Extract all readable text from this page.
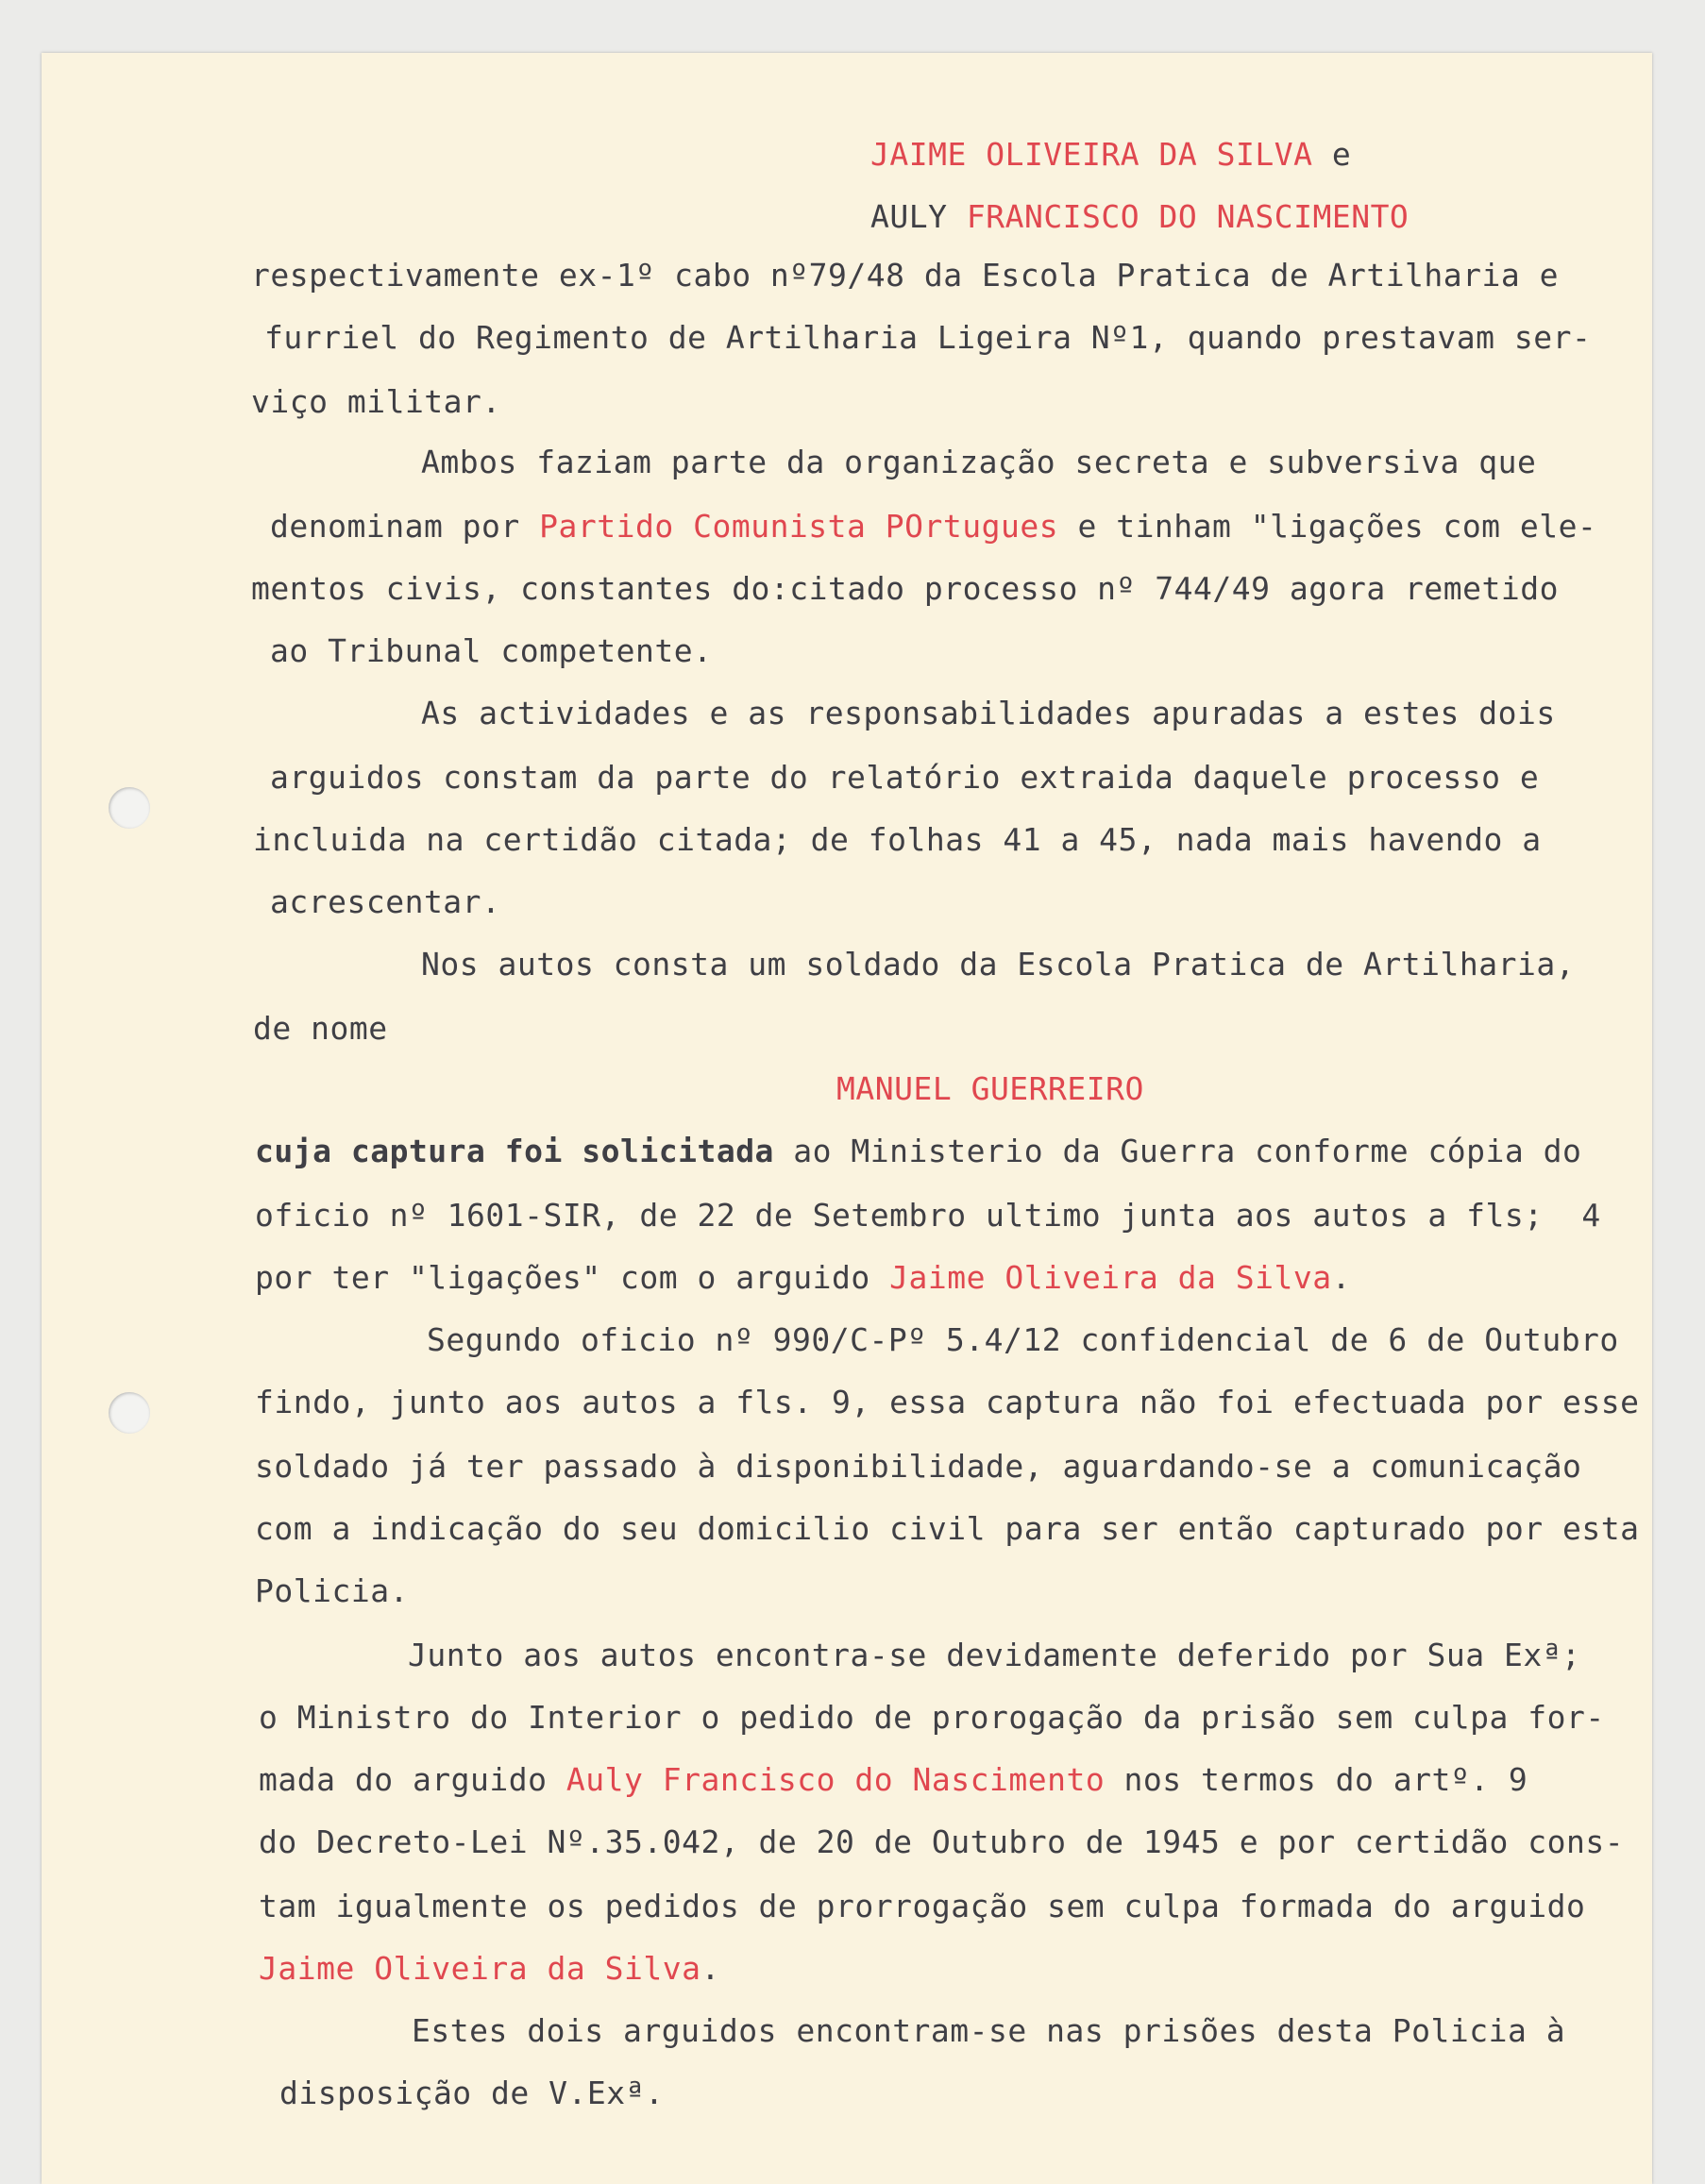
JAIME OLIVEIRA DA SILVA e
AULY FRANCISCO DO NASCIMENTO
respectivamente ex-1º cabo nº79/48 da Escola Pratica de Artilharia e
furriel do Regimento de Artilharia Ligeira Nº1, quando prestavam ser-
viço militar.
Ambos faziam parte da organização secreta e subversiva que
denominam por Partido Comunista POrtugues e tinham "ligações com ele-
mentos civis, constantes do:citado processo nº 744/49 agora remetido
ao Tribunal competente.
As actividades e as responsabilidades apuradas a estes dois
arguidos constam da parte do relatório extraida daquele processo e
incluida na certidão citada; de folhas 41 a 45, nada mais havendo a
acrescentar.
Nos autos consta um soldado da Escola Pratica de Artilharia,
de nome
MANUEL GUERREIRO
cuja captura foi solicitada ao Ministerio da Guerra conforme cópia do
oficio nº 1601-SIR, de 22 de Setembro ultimo junta aos autos a fls;  4
por ter "ligações" com o arguido Jaime Oliveira da Silva.
Segundo oficio nº 990/C-Pº 5.4/12 confidencial de 6 de Outubro
findo, junto aos autos a fls. 9, essa captura não foi efectuada por esse
soldado já ter passado à disponibilidade, aguardando-se a comunicação
com a indicação do seu domicilio civil para ser então capturado por esta
Policia.
Junto aos autos encontra-se devidamente deferido por Sua Exª;
o Ministro do Interior o pedido de prorogação da prisão sem culpa for-
mada do arguido Auly Francisco do Nascimento nos termos do artº. 9
do Decreto-Lei Nº.35.042, de 20 de Outubro de 1945 e por certidão cons-
tam igualmente os pedidos de prorrogação sem culpa formada do arguido
Jaime Oliveira da Silva.
Estes dois arguidos encontram-se nas prisões desta Policia à
disposição de V.Exª.
